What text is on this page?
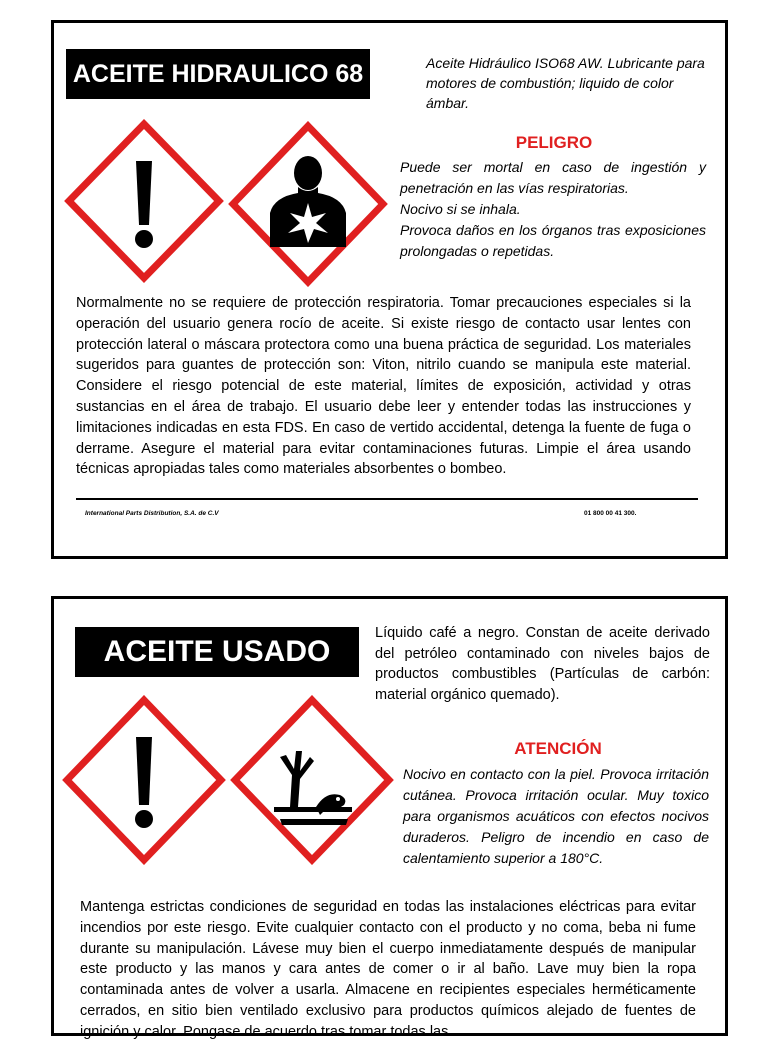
ACEITE HIDRAULICO 68	Aceite Hidráulico ISO68 AW. Lubricante para motores de combustión; liquido de color ámbar.
PELIGRO

Puede ser mortal en caso de ingestión y penetración en las vías respiratorias.

Nocivo si se inhala.

Provoca daños en los órganos tras exposiciones prolongadas o repetidas.

Normalmente no se requiere de protección respiratoria. Tomar precauciones especiales si la operación del usuario genera rocío de aceite. Si existe riesgo de contacto usar lentes con protección lateral o máscara protectora como una buena práctica de seguridad. Los materiales sugeridos para guantes de protección son: Viton, nitrilo cuando se manipula este material. Considere el riesgo potencial de este material, límites de exposición, actividad y otras sustancias en el área de trabajo. El usuario debe leer y entender todas las instrucciones y limitaciones indicadas en esta FDS. En caso de vertido accidental, detenga la fuente de fuga o derrame. Asegure el material para evitar contaminaciones futuras. Limpie el área usando técnicas apropiadas tales como materiales absorbentes o bombeo.
International Parts Distribution, S.A. de C.V	01 800 00 41 300.
ACEITE USADO
Líquido café a negro. Constan de aceite derivado del petróleo contaminado con niveles bajos de productos combustibles (Partículas de carbón: material orgánico quemado).
ATENCIÓN

Nocivo en contacto con la piel. Provoca irritación cutánea. Provoca irritación ocular. Muy toxico para organismos acuáticos con efectos nocivos duraderos. Peligro de incendio en caso de calentamiento superior a 180°C.

Mantenga estrictas condiciones de seguridad en todas las instalaciones eléctricas para evitar incendios por este riesgo. Evite cualquier contacto con el producto y no coma, beba ni fume durante su manipulación. Lávese muy bien el cuerpo inmediatamente después de manipular este producto y las manos y cara antes de comer o ir al baño. Lave muy bien la ropa contaminada antes de volver a usarla. Almacene en recipientes especiales herméticamente cerrados, en sitio bien ventilado exclusivo para productos químicos alejado de fuentes de ignición y calor. Pongase de acuerdo tras tomar todas las
